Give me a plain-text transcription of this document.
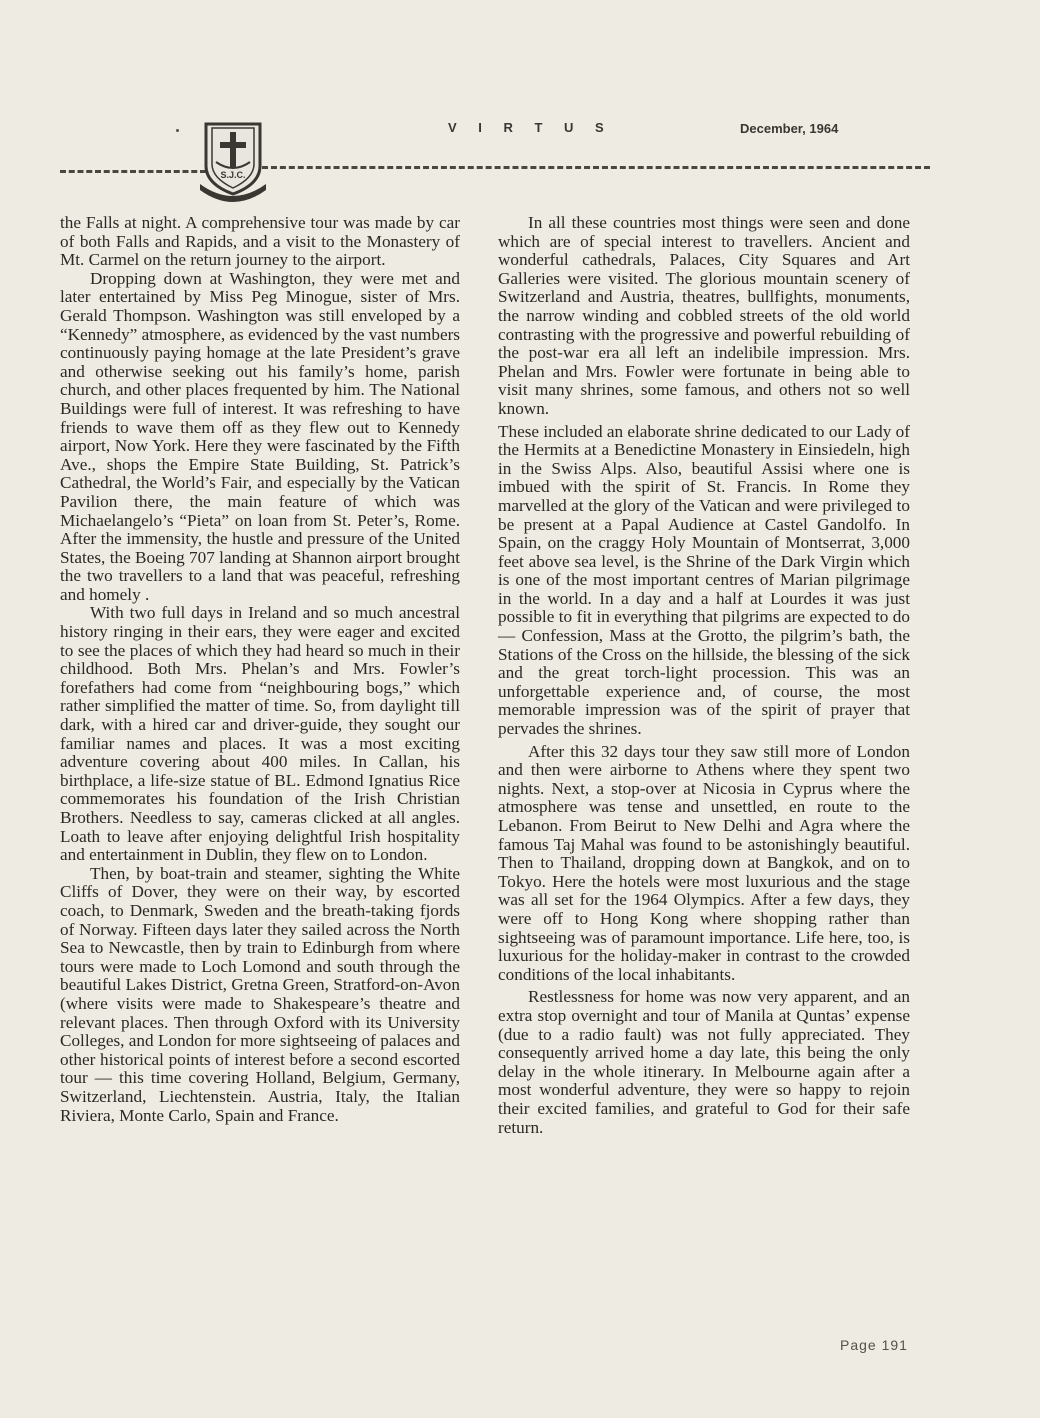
S.J.C.
V I R T U S	December, 1964

the Falls at night. A comprehensive tour was made by car of both Falls and Rapids, and a visit to the Monastery of Mt. Carmel on the return journey to the airport.

Dropping down at Washington, they were met and later entertained by Miss Peg Minogue, sister of Mrs. Gerald Thompson. Washington was still enveloped by a “Kennedy” atmosphere, as evidenced by the vast numbers continuously paying homage at the late President’s grave and otherwise seeking out his family’s home, parish church, and other places frequented by him. The National Buildings were full of interest. It was refreshing to have friends to wave them off as they flew out to Kennedy airport, Now York. Here they were fascinated by the Fifth Ave., shops the Empire State Building, St. Patrick’s Cathedral, the World’s Fair, and especially by the Vatican Pavilion there, the main feature of which was Michaelangelo’s “Pieta” on loan from St. Peter’s, Rome. After the immensity, the hustle and pressure of the United States, the Boeing 707 landing at Shannon airport brought the two travellers to a land that was peaceful, refreshing and homely .

With two full days in Ireland and so much ancestral history ringing in their ears, they were eager and excited to see the places of which they had heard so much in their childhood. Both Mrs. Phelan’s and Mrs. Fowler’s forefathers had come from “neighbouring bogs,” which rather simplified the matter of time. So, from daylight till dark, with a hired car and driver-guide, they sought our familiar names and places. It was a most exciting adventure covering about 400 miles. In Callan, his birthplace, a life-size statue of BL. Edmond Ignatius Rice commemorates his foundation of the Irish Christian Brothers. Needless to say, cameras clicked at all angles. Loath to leave after enjoying delightful Irish hospitality and entertainment in Dublin, they flew on to London.

Then, by boat-train and steamer, sighting the White Cliffs of Dover, they were on their way, by escorted coach, to Denmark, Sweden and the breath-taking fjords of Norway. Fifteen days later they sailed across the North Sea to Newcastle, then by train to Edinburgh from where tours were made to Loch Lomond and south through the beautiful Lakes District, Gretna Green, Stratford-on-Avon (where visits were made to Shakespeare’s theatre and relevant places. Then through Oxford with its University Colleges, and London for more sightseeing of palaces and other historical points of interest before a second escorted tour — this time covering Holland, Belgium, Germany, Switzerland, Liechtenstein. Austria, Italy, the Italian Riviera, Monte Carlo, Spain and France.

In all these countries most things were seen and done which are of special interest to travellers. Ancient and wonderful cathedrals, Palaces, City Squares and Art Galleries were visited. The glorious mountain scenery of Switzerland and Austria, theatres, bullfights, monuments, the narrow winding and cobbled streets of the old world contrasting with the progressive and powerful rebuilding of the post-war era all left an indelibile impression. Mrs. Phelan and Mrs. Fowler were fortunate in being able to visit many shrines, some famous, and others not so well known.

These included an elaborate shrine dedicated to our Lady of the Hermits at a Benedictine Monastery in Einsiedeln, high in the Swiss Alps. Also, beautiful Assisi where one is imbued with the spirit of St. Francis. In Rome they marvelled at the glory of the Vatican and were privileged to be present at a Papal Audience at Castel Gandolfo. In Spain, on the craggy Holy Mountain of Montserrat, 3,000 feet above sea level, is the Shrine of the Dark Virgin which is one of the most important centres of Marian pilgrimage in the world. In a day and a half at Lourdes it was just possible to fit in everything that pilgrims are expected to do — Confession, Mass at the Grotto, the pilgrim’s bath, the Stations of the Cross on the hillside, the blessing of the sick and the great torch-light procession. This was an unforgettable experience and, of course, the most memorable impression was of the spirit of prayer that pervades the shrines.

After this 32 days tour they saw still more of London and then were airborne to Athens where they spent two nights. Next, a stop-over at Nicosia in Cyprus where the atmosphere was tense and unsettled, en route to the Lebanon. From Beirut to New Delhi and Agra where the famous Taj Mahal was found to be astonishingly beautiful. Then to Thailand, dropping down at Bangkok, and on to Tokyo. Here the hotels were most luxurious and the stage was all set for the 1964 Olympics. After a few days, they were off to Hong Kong where shopping rather than sightseeing was of paramount importance. Life here, too, is luxurious for the holiday-maker in contrast to the crowded conditions of the local inhabitants.

Restlessness for home was now very apparent, and an extra stop overnight and tour of Manila at Quntas’ expense (due to a radio fault) was not fully appreciated. They consequently arrived home a day late, this being the only delay in the whole itinerary. In Melbourne again after a most wonderful adventure, they were so happy to rejoin their excited families, and grateful to God for their safe return.

Page 191
